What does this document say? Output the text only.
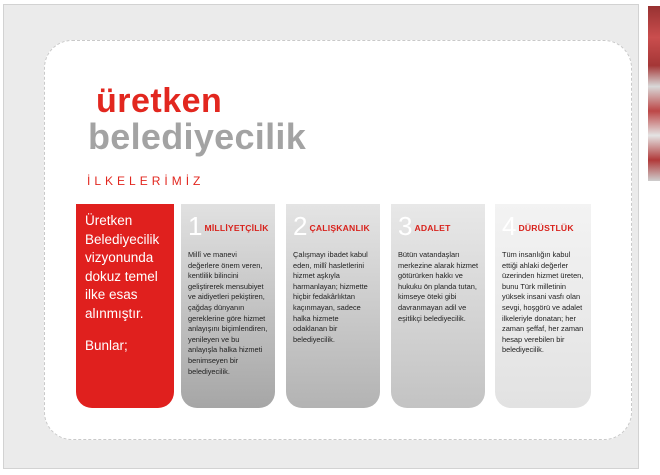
üretken
belediyecilik
İLKELERİMİZ

Üretken
Belediyecilik
vizyonunda
dokuz temel
ilke esas
alınmıştır.

Bunlar;

1 MİLLİYETÇİLİK

Millî ve manevi değerlere önem veren, kentlilik bilincini geliştirerek mensubiyet ve aidiyetleri pekiştiren, çağdaş dünyanın gereklerine göre hizmet anlayışını biçimlendiren, yenileyen ve bu anlayışla halka hizmeti benimseyen bir belediyecilik.

2 ÇALIŞKANLIK

Çalışmayı ibadet kabul eden, millî hasletlerini hizmet aşkıyla harmanlayan; hizmette hiçbir fedakârlıktan kaçınmayan, sadece halka hizmete odaklanan bir belediyecilik.

3 ADALET

Bütün vatandaşları merkezine alarak hizmet götürürken hakkı ve hukuku ön planda tutan, kimseye öteki gibi davranmayan adil ve eşitlikçi belediyecilik.

4 DÜRÜSTLÜK

Tüm insanlığın kabul ettiği ahlaki değerler üzerinden hizmet üreten, bunu Türk milletinin yüksek insani vasfı olan sevgi, hoşgörü ve adalet ilkeleriyle donatan; her zaman şeffaf, her zaman hesap verebilen bir belediyecilik.
